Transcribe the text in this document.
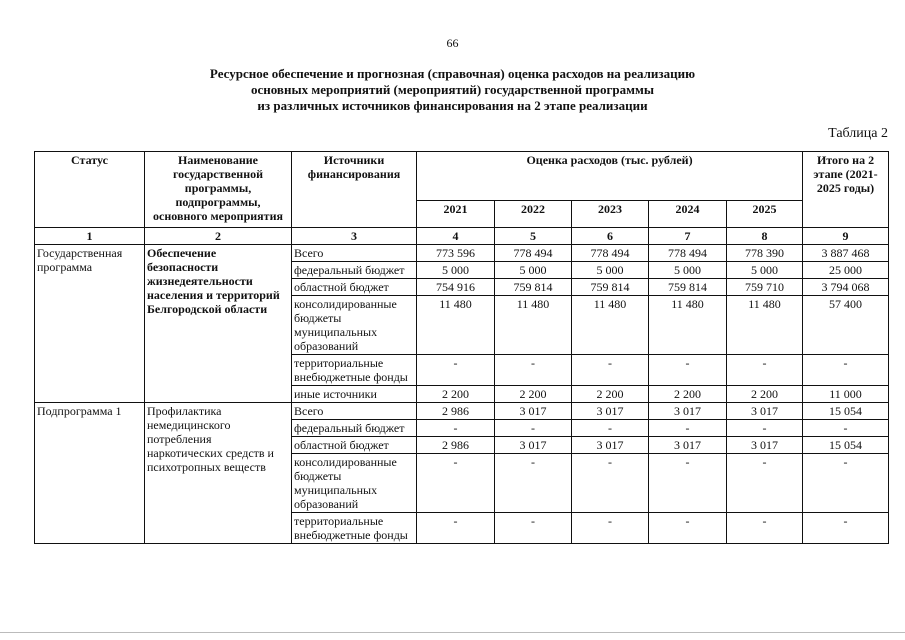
66
Ресурсное обеспечение и прогнозная (справочная) оценка расходов на реализацию
основных мероприятий (мероприятий) государственной программы
из различных источников финансирования на 2 этапе реализации
Таблица 2
Статус	Наименование государственной программы, подпрограммы, основного мероприятия	Источники финансирования	Оценка расходов (тыс. рублей)					Итого на 2 этапе (2021-2025 годы)
			2021	2022	2023	2024	2025	
1	2	3	4	5	6	7	8	9
Государственная программа	Обеспечение безопасности жизнедеятельности населения и территорий Белгородской области	Всего	773 596	778 494	778 494	778 494	778 390	3 887 468
		федеральный бюджет	5 000	5 000	5 000	5 000	5 000	25 000
		областной бюджет	754 916	759 814	759 814	759 814	759 710	3 794 068
		консолидированные бюджеты муниципальных образований	11 480	11 480	11 480	11 480	11 480	57 400
		территориальные внебюджетные фонды	-	-	-	-	-	-
		иные источники	2 200	2 200	2 200	2 200	2 200	11 000
Подпрограмма 1	Профилактика немедицинского потребления наркотических средств и психотропных веществ	Всего	2 986	3 017	3 017	3 017	3 017	15 054
		федеральный бюджет	-	-	-	-	-	-
		областной бюджет	2 986	3 017	3 017	3 017	3 017	15 054
		консолидированные бюджеты муниципальных образований	-	-	-	-	-	-
		территориальные внебюджетные фонды	-	-	-	-	-	-
